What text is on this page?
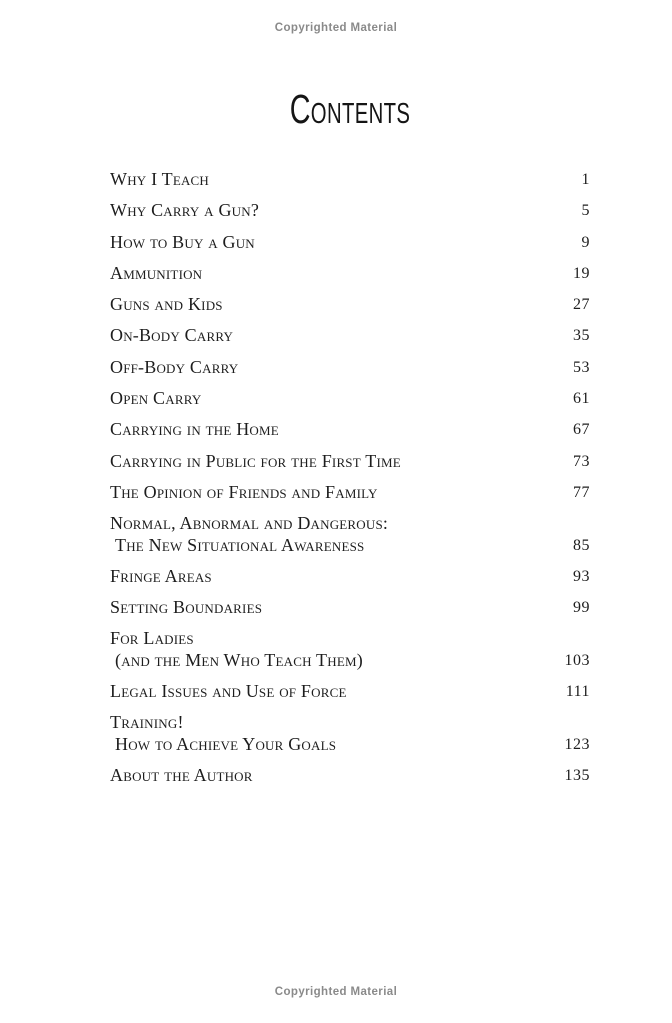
Copyrighted Material
Contents
Why I Teach	1
Why Carry a Gun?	5
How to Buy a Gun	9
Ammunition	19
Guns and Kids	27
On-Body Carry	35
Off-Body Carry	53
Open Carry	61
Carrying in the Home	67
Carrying in Public for the First Time	73
The Opinion of Friends and Family	77
Normal, Abnormal and Dangerous:
The New Situational Awareness	85
Fringe Areas	93
Setting Boundaries	99
For Ladies
(and the Men Who Teach Them)	103
Legal Issues and Use of Force	111
Training!
How to Achieve Your Goals	123
About the Author	135
Copyrighted Material
